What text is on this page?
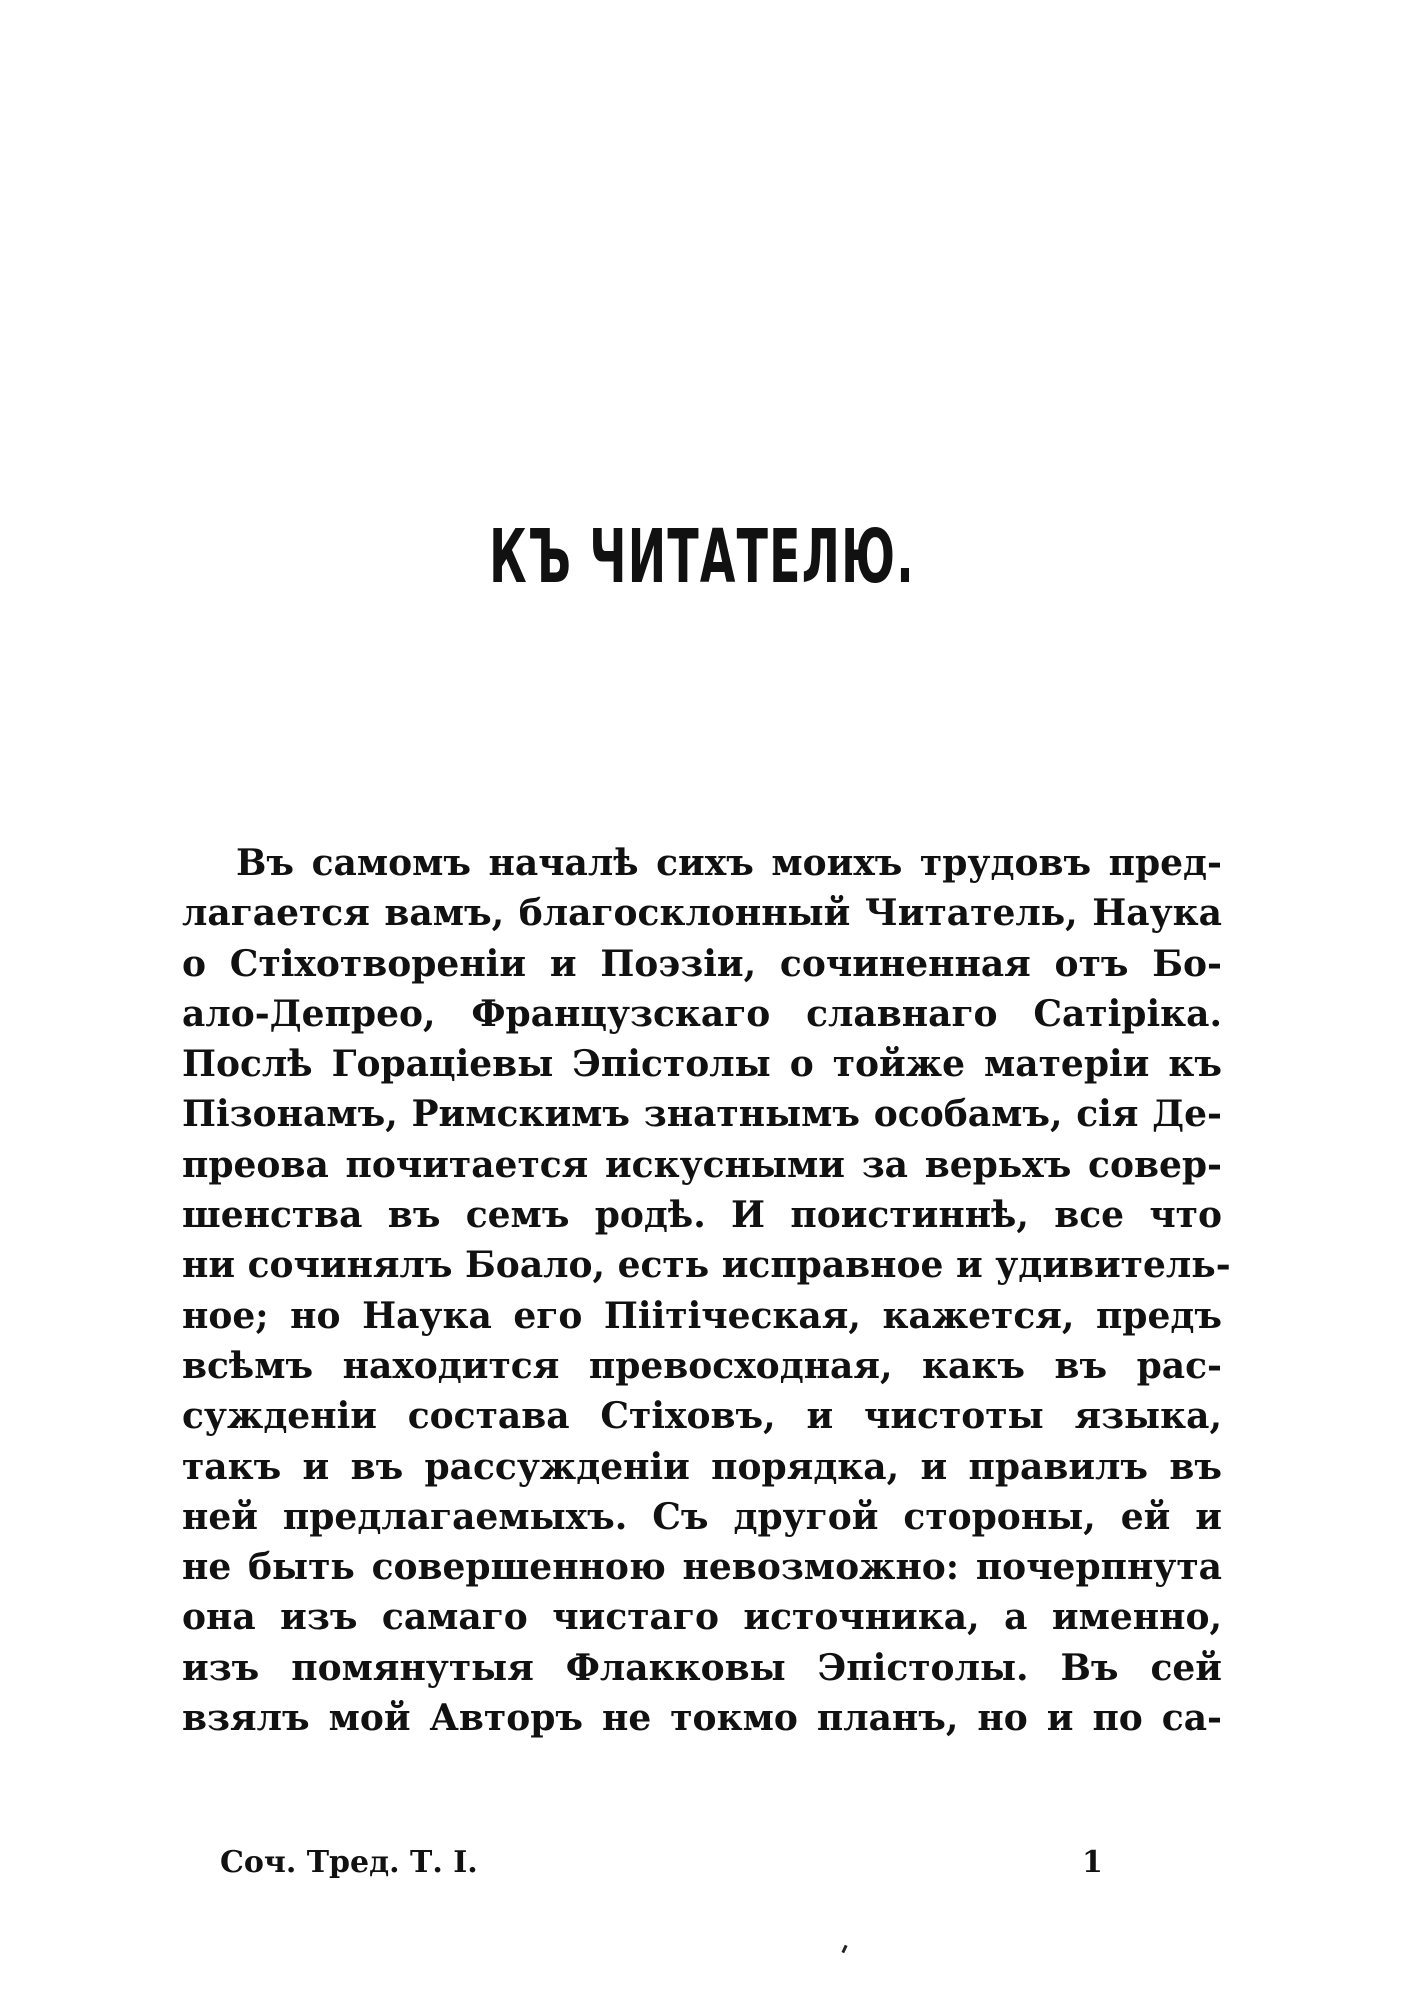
КЪ ЧИТАТЕЛЮ.
Въ самомъ началѣ сихъ моихъ трудовъ пред-
лагается вамъ, благосклонный Читатель, Наука
о Стіхотвореніи и Поэзіи, сочиненная отъ Бо-
ало-Депреo, Французскаго славнаго Сатіріка.
Послѣ Гораціевы Эпістолы о тойже матеріи къ
Пізонамъ, Римскимъ знатнымъ особамъ, сія Де-
преова почитается искусными за верьхъ совер-
шенства въ семъ родѣ. И поистиннѣ, все что
ни сочинялъ Боало, есть исправное и удивитель-
ное; но Наука его Піітіческая, кажется, предъ
всѣмъ находится превосходная, какъ въ рас-
сужденіи состава Стіховъ, и чистоты языка,
такъ и въ рассужденіи порядка, и правилъ въ
ней предлагаемыхъ. Съ другой стороны, ей и
не быть совершенною невозможно: почерпнута
она изъ самаго чистаго источника, а именно,
изъ помянутыя Флакковы Эпістолы. Въ сей
взялъ мой Авторъ не токмо планъ, но и по са-
Соч. Тред. Т. I.	1
